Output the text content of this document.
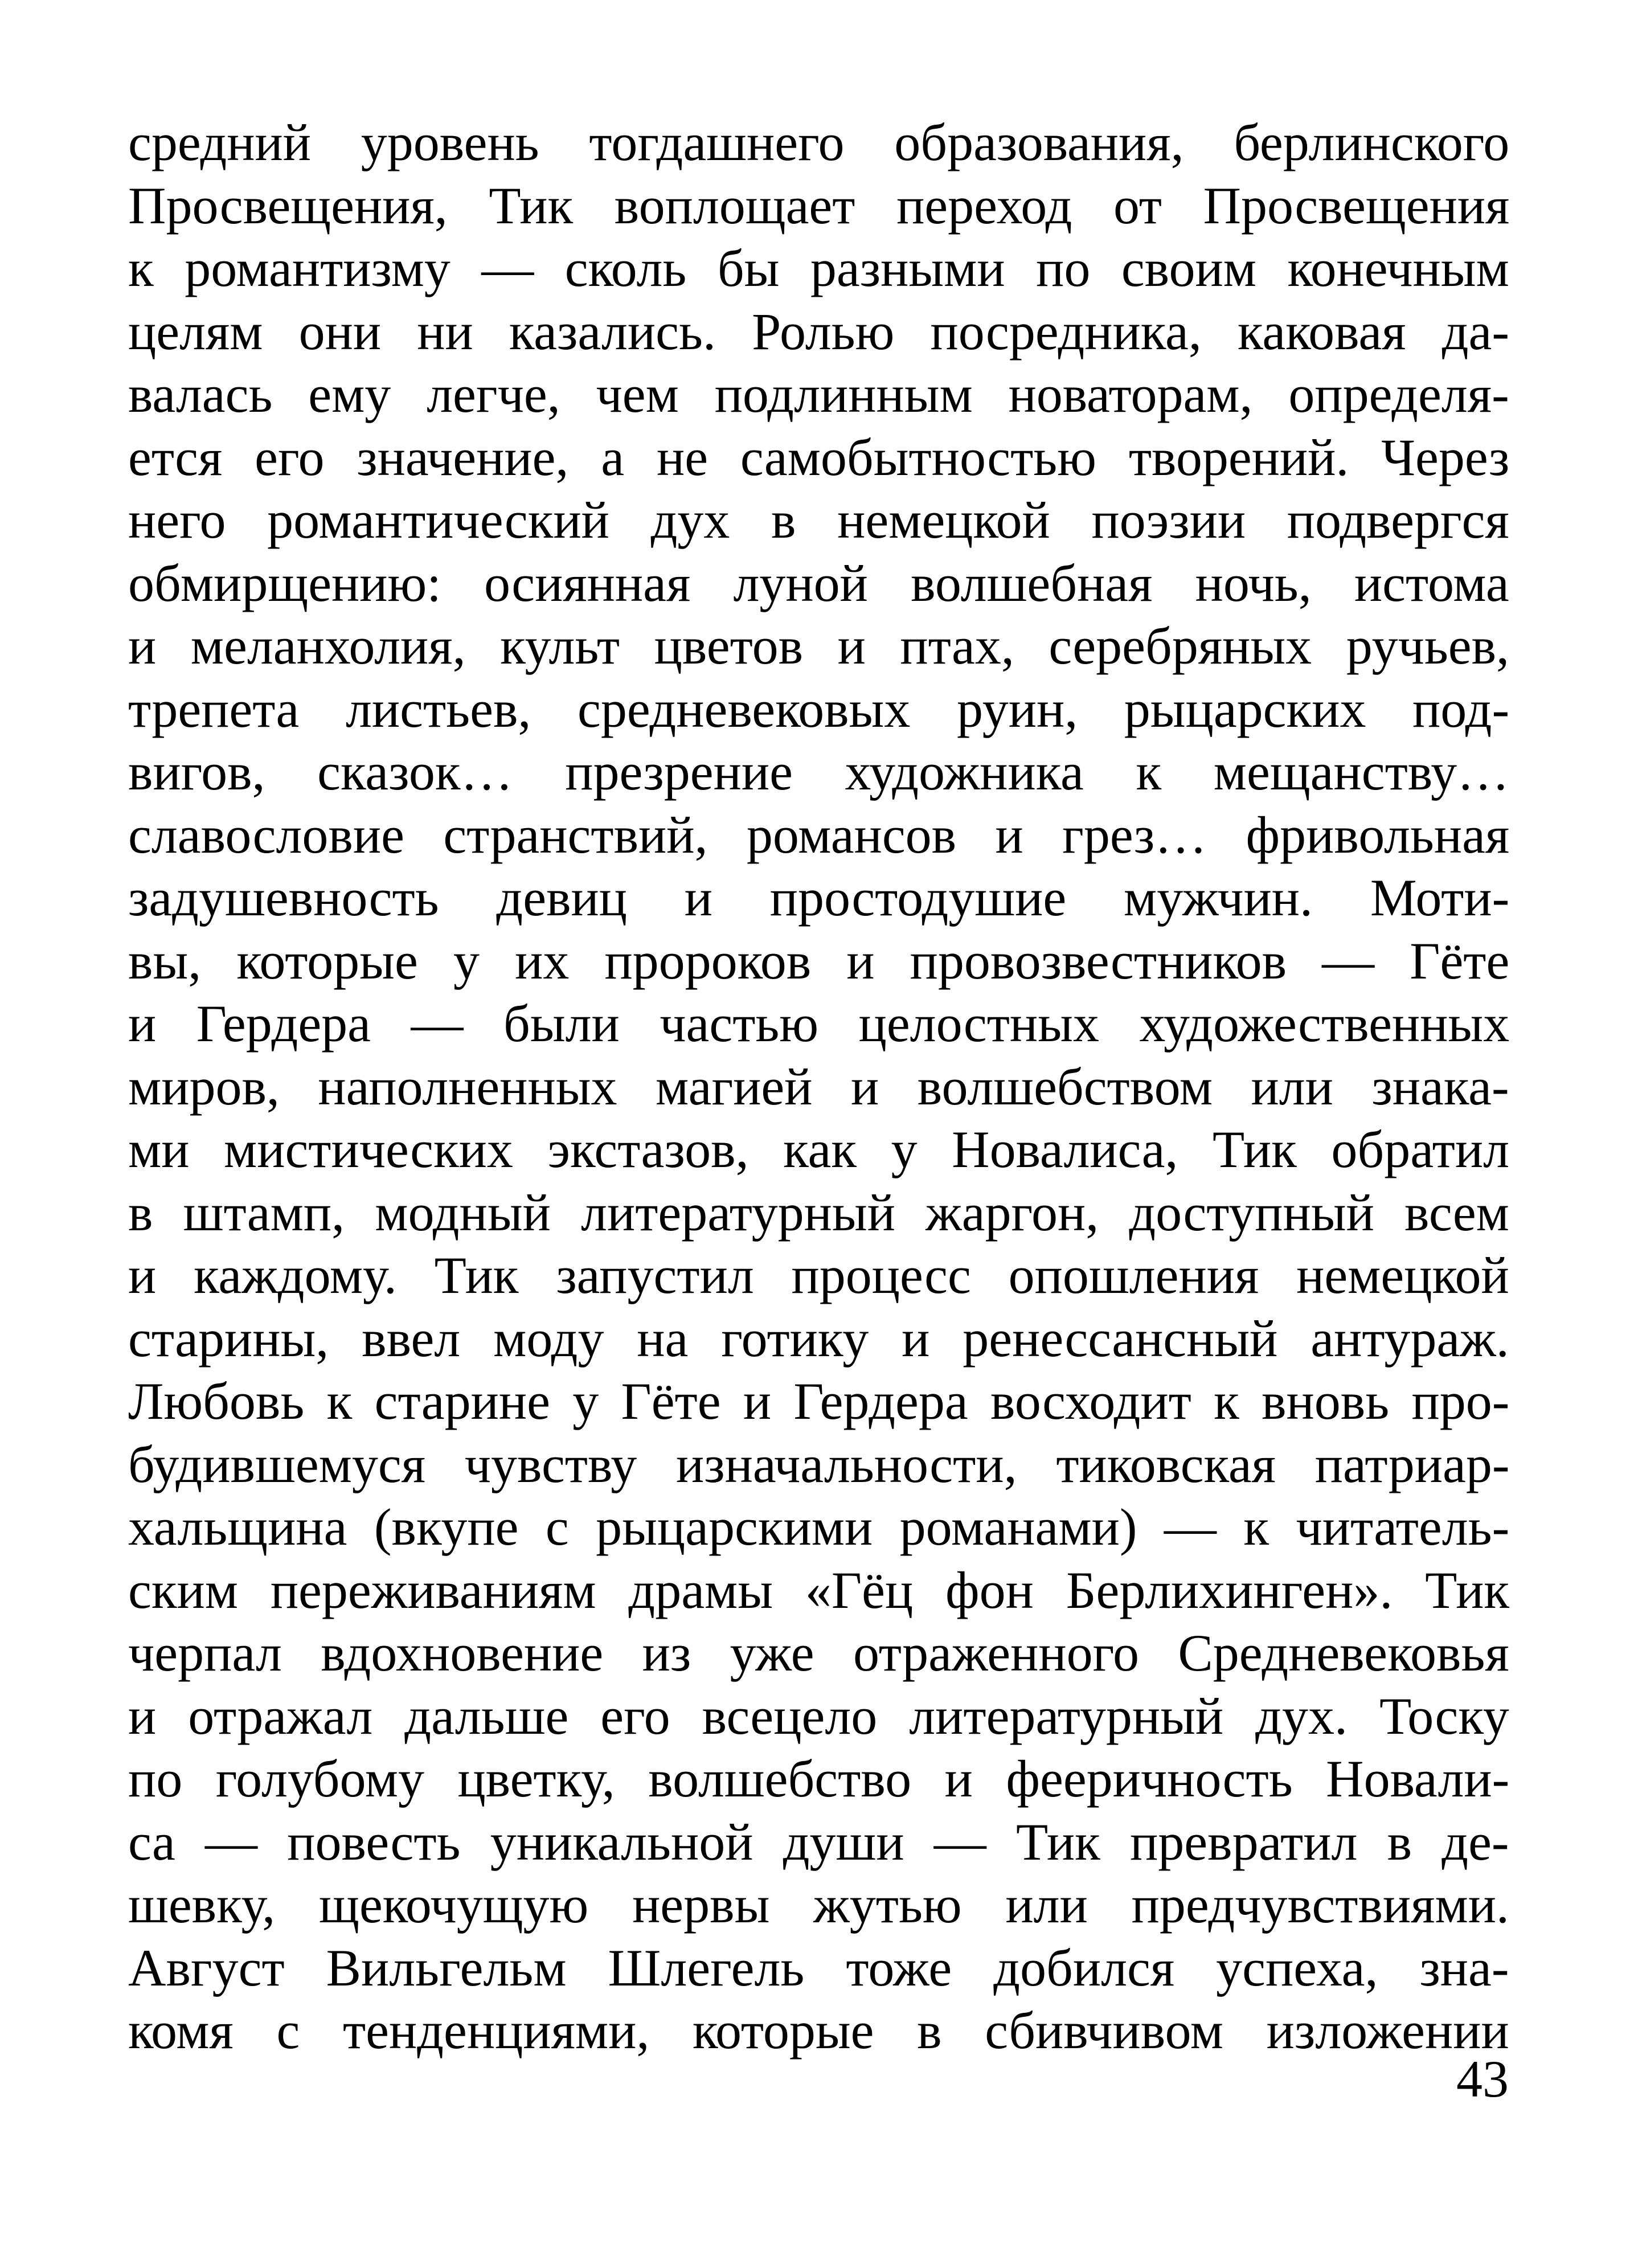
средний уровень тогдашнего образования, берлинского
Просвещения, Тик воплощает переход от Просвещения
к романтизму — сколь бы разными по своим конечным
целям они ни казались. Ролью посредника, каковая да-
валась ему легче, чем подлинным новаторам, определя-
ется его значение, а не самобытностью творений. Через
него романтический дух в немецкой поэзии подвергся
обмирщению: осиянная луной волшебная ночь, истома
и меланхолия, культ цветов и птах, серебряных ручьев,
трепета листьев, средневековых руин, рыцарских под-
вигов, сказок… презрение художника к мещанству…
славословие странствий, романсов и грез… фривольная
задушевность девиц и простодушие мужчин. Моти-
вы, которые у их пророков и провозвестников — Гёте
и Гердера — были частью целостных художественных
миров, наполненных магией и волшебством или знака-
ми мистических экстазов, как у Новалиса, Тик обратил
в штамп, модный литературный жаргон, доступный всем
и каждому. Тик запустил процесс опошления немецкой
старины, ввел моду на готику и ренессансный антураж.
Любовь к старине у Гёте и Гердера восходит к вновь про-
будившемуся чувству изначальности, тиковская патриар-
хальщина (вкупе с рыцарскими романами) — к читатель-
ским переживаниям драмы «Гёц фон Берлихинген». Тик
черпал вдохновение из уже отраженного Средневековья
и отражал дальше его всецело литературный дух. Тоску
по голубому цветку, волшебство и фееричность Новали-
са — повесть уникальной души — Тик превратил в де-
шевку, щекочущую нервы жутью или предчувствиями.
Август Вильгельм Шлегель тоже добился успеха, зна-
комя с тенденциями, которые в сбивчивом изложении
43
